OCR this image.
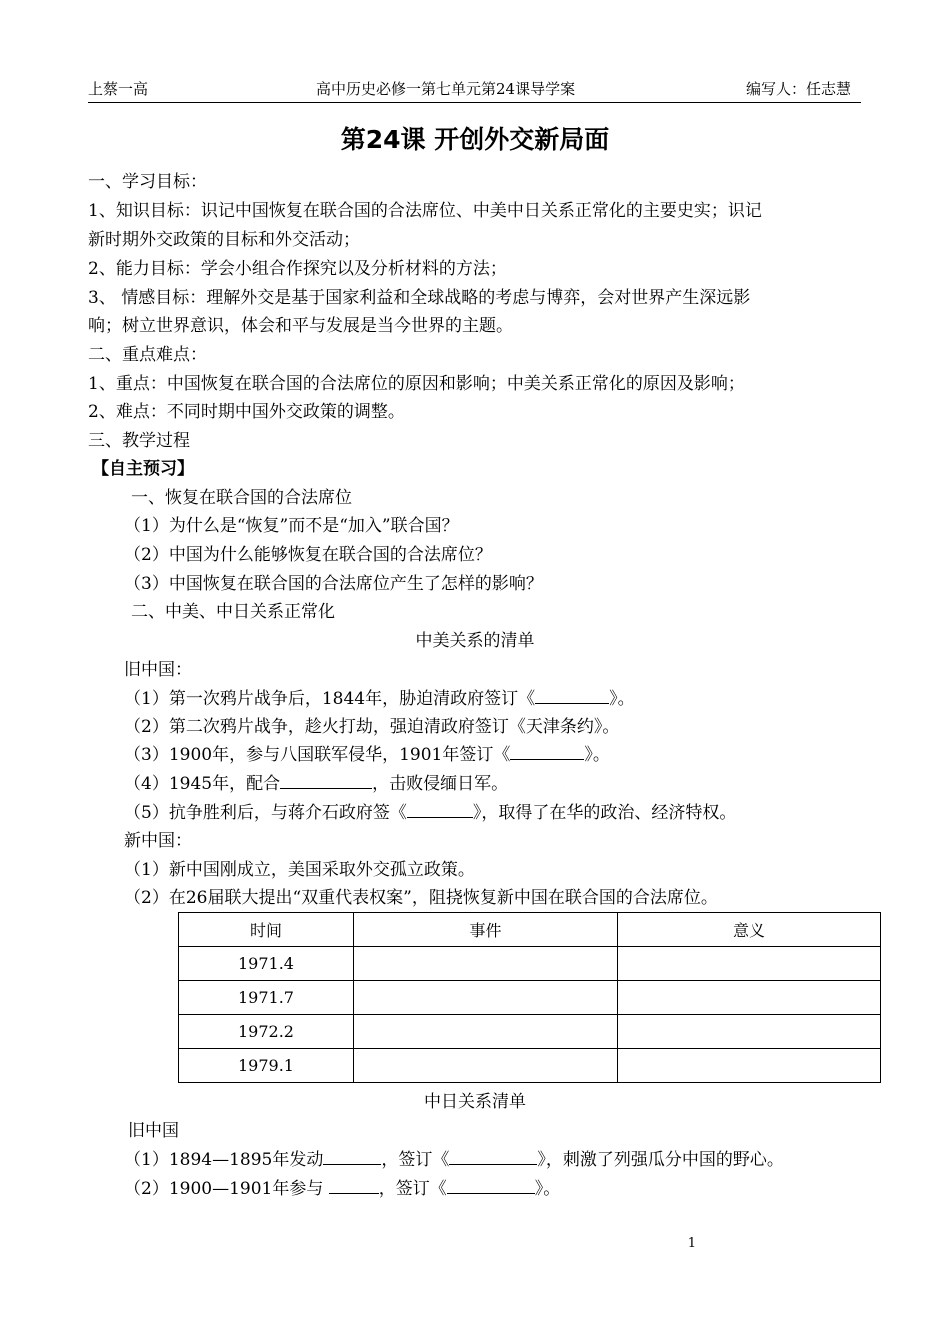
上蔡一高	高中历史必修一第七单元第24课导学案	编写人：任志慧
第24课 开创外交新局面
一、学习目标：
1、知识目标：识记中国恢复在联合国的合法席位、中美中日关系正常化的主要史实；识记
新时期外交政策的目标和外交活动；
2、能力目标：学会小组合作探究以及分析材料的方法；
3、 情感目标：理解外交是基于国家利益和全球战略的考虑与博弈，会对世界产生深远影
响；树立世界意识，体会和平与发展是当今世界的主题。
二、重点难点：
1、重点：中国恢复在联合国的合法席位的原因和影响；中美关系正常化的原因及影响；
2、难点：不同时期中国外交政策的调整。
三、教学过程
【自主预习】
一、恢复在联合国的合法席位
（1）为什么是“恢复”而不是“加入”联合国？
（2）中国为什么能够恢复在联合国的合法席位？
（3）中国恢复在联合国的合法席位产生了怎样的影响？
二、中美、中日关系正常化
中美关系的清单
旧中国：
（1）第一次鸦片战争后，1844年，胁迫清政府签订《	》。
（2）第二次鸦片战争，趁火打劫，强迫清政府签订《天津条约》。
（3）1900年，参与八国联军侵华，1901年签订《	》。
（4）1945年，配合	，击败侵缅日军。
（5）抗争胜利后，与蒋介石政府签《	》，取得了在华的政治、经济特权。
新中国：
（1）新中国刚成立，美国采取外交孤立政策。
（2）在26届联大提出“双重代表权案”，阻挠恢复新中国在联合国的合法席位。
时间	事件	意义
1971.4		
1971.7		
1972.2		
1979.1		
中日关系清单
旧中国
（1）1894—1895年发动	，签订《	》，刺激了列强瓜分中国的野心。
（2）1900—1901年参与	，签订《	》。
1
